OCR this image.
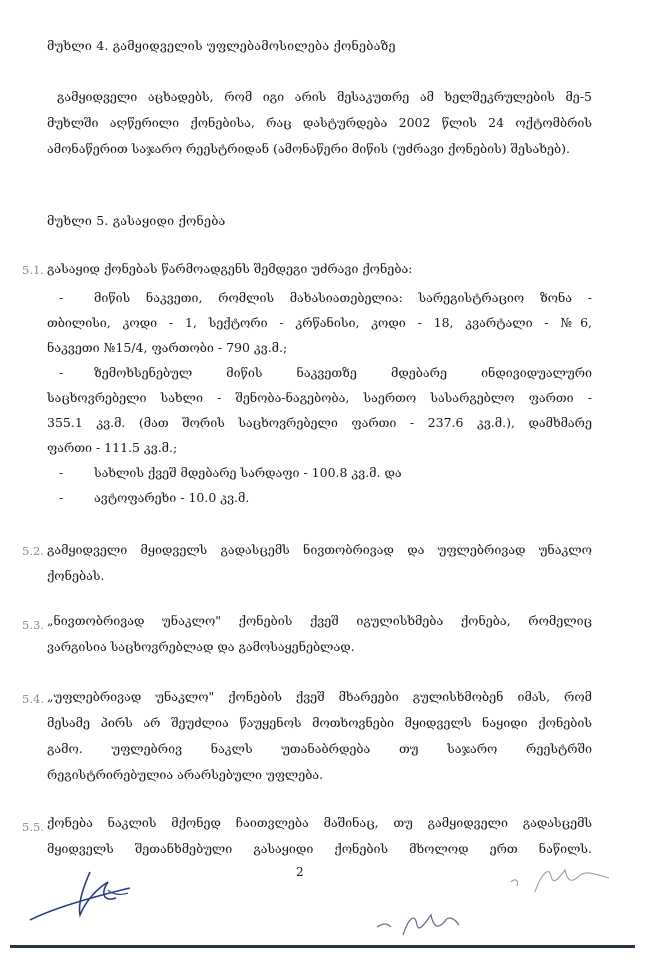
მუხლი 4. გამყიდველის უფლებამოსილება ქონებაზე
გამყიდველი აცხადებს, რომ იგი არის მესაკუთრე ამ ხელშეკრულების მე-5
მუხლში აღწერილი ქონებისა, რაც დასტურდება 2002 წლის 24 ოქტომბრის
ამონაწერით საჯარო რეესტრიდან (ამონაწერი მიწის (უძრავი ქონების) შესახებ).
მუხლი 5. გასაყიდი ქონება
5.1. გასაყიდ ქონებას წარმოადგენს შემდეგი უძრავი ქონება:
-	მიწის ნაკვეთი, რომლის მახასიათებელია: სარეგისტრაციო ზონა -
თბილისი, კოდი - 1, სექტორი - კრწანისი, კოდი - 18, კვარტალი - №6,
ნაკვეთი №15/4, ფართობი - 790 კვ.მ.;
-	ზემოხსენებულ მიწის ნაკვეთზე მდებარე ინდივიდუალური
საცხოვრებელი სახლი - შენობა-ნაგებობა, საერთო სასარგებლო ფართი -
355.1 კვ.მ. (მათ შორის საცხოვრებელი ფართი - 237.6 კვ.მ.), დამხმარე
ფართი - 111.5 კვ.მ.;
-	სახლის ქვეშ მდებარე სარდაფი - 100.8 კვ.მ. და
-	ავტოფარეხი - 10.0 კვ.მ.
5.2. გამყიდველი მყიდველს გადასცემს ნივთობრივად და უფლებრივად უნაკლო
ქონებას.
5.3. „ნივთობრივად უნაკლო" ქონების ქვეშ იგულისხმება ქონება, რომელიც
ვარგისია საცხოვრებლად და გამოსაყენებლად.
5.4. „უფლებრივად უნაკლო" ქონების ქვეშ მხარეები გულისხმობენ იმას, რომ
მესამე პირს არ შეუძლია წაუყენოს მოთხოვნები მყიდველს ნაყიდი ქონების
გამო. უფლებრივ ნაკლს უთანაბრდება თუ საჯარო რეესტრში
რეგისტრირებულია არარსებული უფლება.
5.5. ქონება ნაკლის მქონედ ჩაითვლება მაშინაც, თუ გამყიდველი გადასცემს
მყიდველს შეთანხმებული გასაყიდი ქონების მხოლოდ ერთ ნაწილს.
2
